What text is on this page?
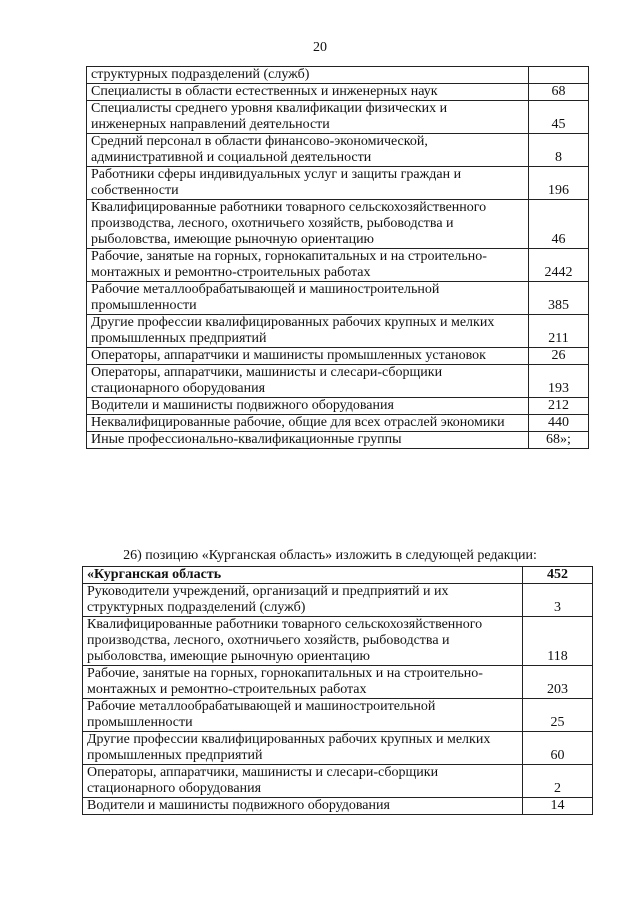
20
структурных подразделений (служб)	
Специалисты в области естественных и инженерных наук	68
Специалисты среднего уровня квалификации физических и инженерных направлений деятельности	45
Средний персонал в области финансово-экономической, административной и социальной деятельности	8
Работники сферы индивидуальных услуг и защиты граждан и собственности	196
Квалифицированные работники товарного сельскохозяйственного производства, лесного, охотничьего хозяйств, рыбоводства и рыболовства, имеющие рыночную ориентацию	46
Рабочие, занятые на горных, горнокапитальных и на строительно-монтажных и ремонтно-строительных работах	2442
Рабочие металлообрабатывающей и машиностроительной промышленности	385
Другие профессии квалифицированных рабочих крупных и мелких промышленных предприятий	211
Операторы, аппаратчики и машинисты промышленных установок	26
Операторы, аппаратчики, машинисты и слесари-сборщики стационарного оборудования	193
Водители и машинисты подвижного оборудования	212
Неквалифицированные рабочие, общие для всех отраслей экономики	440
Иные профессионально-квалификационные группы	68»;
26) позицию «Курганская область» изложить в следующей редакции:
«Курганская область	452
Руководители учреждений, организаций и предприятий и их структурных подразделений (служб)	3
Квалифицированные работники товарного сельскохозяйственного производства, лесного, охотничьего хозяйств, рыбоводства и рыболовства, имеющие рыночную ориентацию	118
Рабочие, занятые на горных, горнокапитальных и на строительно-монтажных и ремонтно-строительных работах	203
Рабочие металлообрабатывающей и машиностроительной промышленности	25
Другие профессии квалифицированных рабочих крупных и мелких промышленных предприятий	60
Операторы, аппаратчики, машинисты и слесари-сборщики стационарного оборудования	2
Водители и машинисты подвижного оборудования	14
